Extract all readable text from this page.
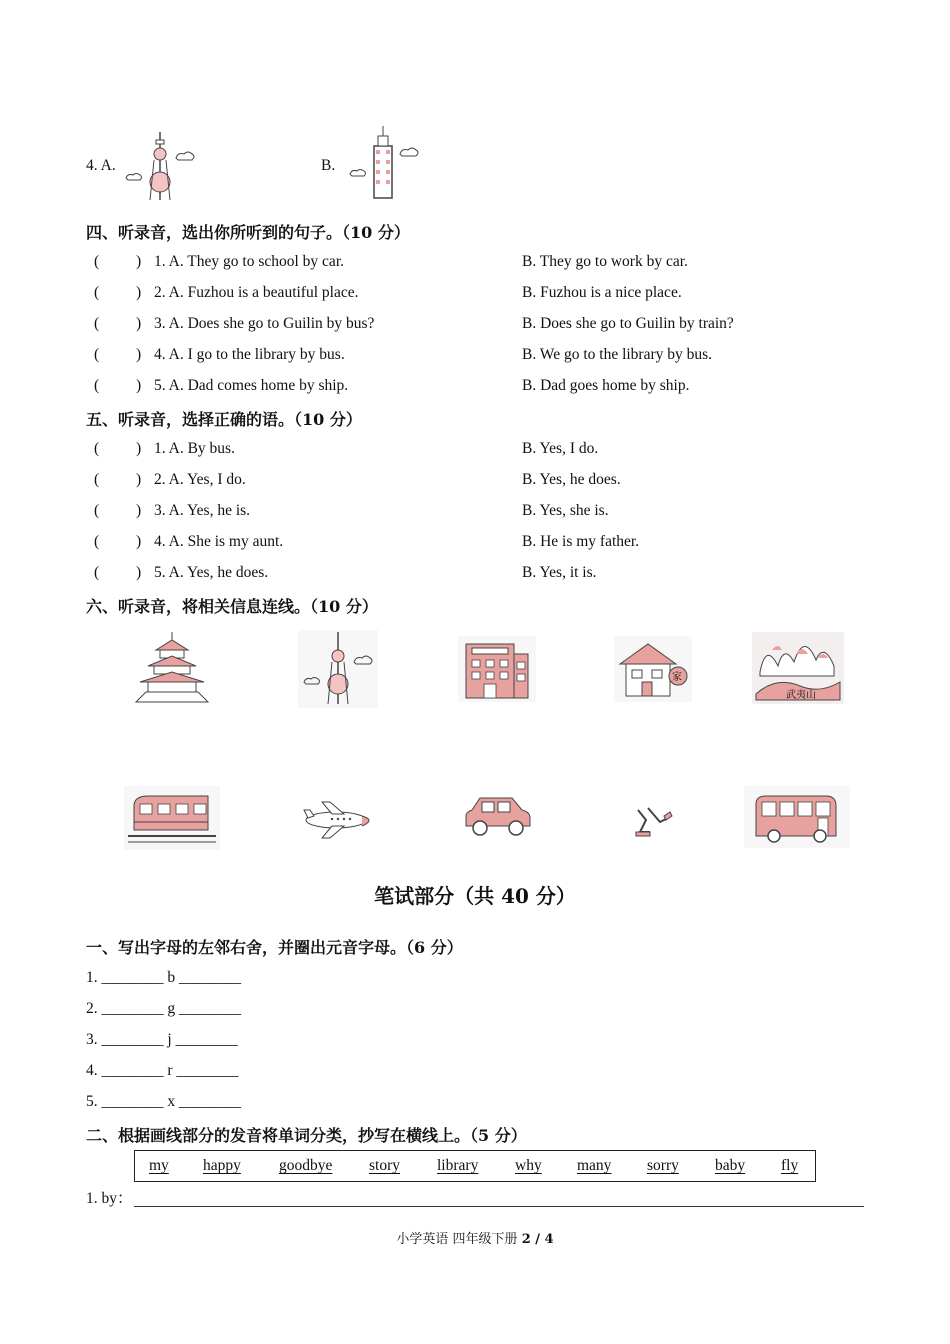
4. A.	B.
四、听录音，选出你所听到的句子。（10 分）
( ) 1. A. They go to school by car.	B. They go to work by car.
( ) 2. A. Fuzhou is a beautiful place.	B. Fuzhou is a nice place.
( ) 3. A. Does she go to Guilin by bus?	B. Does she go to Guilin by train?
( ) 4. A. I go to the library by bus.	B. We go to the library by bus.
( ) 5. A. Dad comes home by ship.	B. Dad goes home by ship.
五、听录音，选择正确的语。（10 分）
( ) 1. A. By bus.	B. Yes, I do.
( ) 2. A. Yes, I do.	B. Yes, he does.
( ) 3. A. Yes, he is.	B. Yes, she is.
( ) 4. A. She is my aunt.	B. He is my father.
( ) 5. A. Yes, he does.	B. Yes, it is.
六、听录音，将相关信息连线。（10 分）
家
武夷山
笔试部分（共 40 分）
一、写出字母的左邻右舍，并圈出元音字母。（6 分）
1. ________ b ________
2. ________ g ________
3. ________ j ________
4. ________ r ________
5. ________ x ________
二、根据画线部分的发音将单词分类，抄写在横线上。（5 分）
my happy goodbye story library why many sorry baby fly
1. by：
小学英语 四年级下册 2 / 4
